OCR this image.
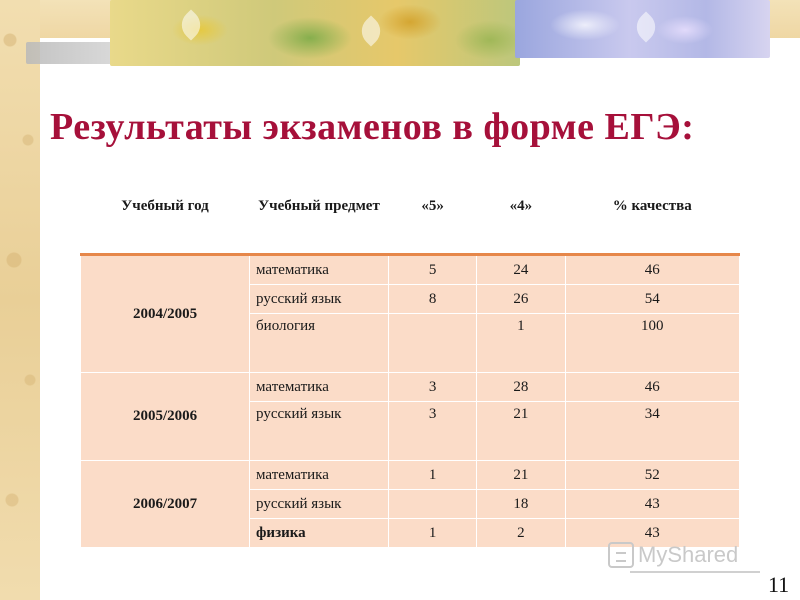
Результаты экзаменов в форме ЕГЭ:
Учебный год	Учебный предмет	«5»	«4»	% качества
2004/2005	математика	5	24	46
	русский язык	8	26	54
	биология		1	100
2005/2006	математика	3	28	46
	русский язык	3	21	34
2006/2007	математика	1	21	52
	русский язык		18	43
	физика	1	2	43
MyShared
11
